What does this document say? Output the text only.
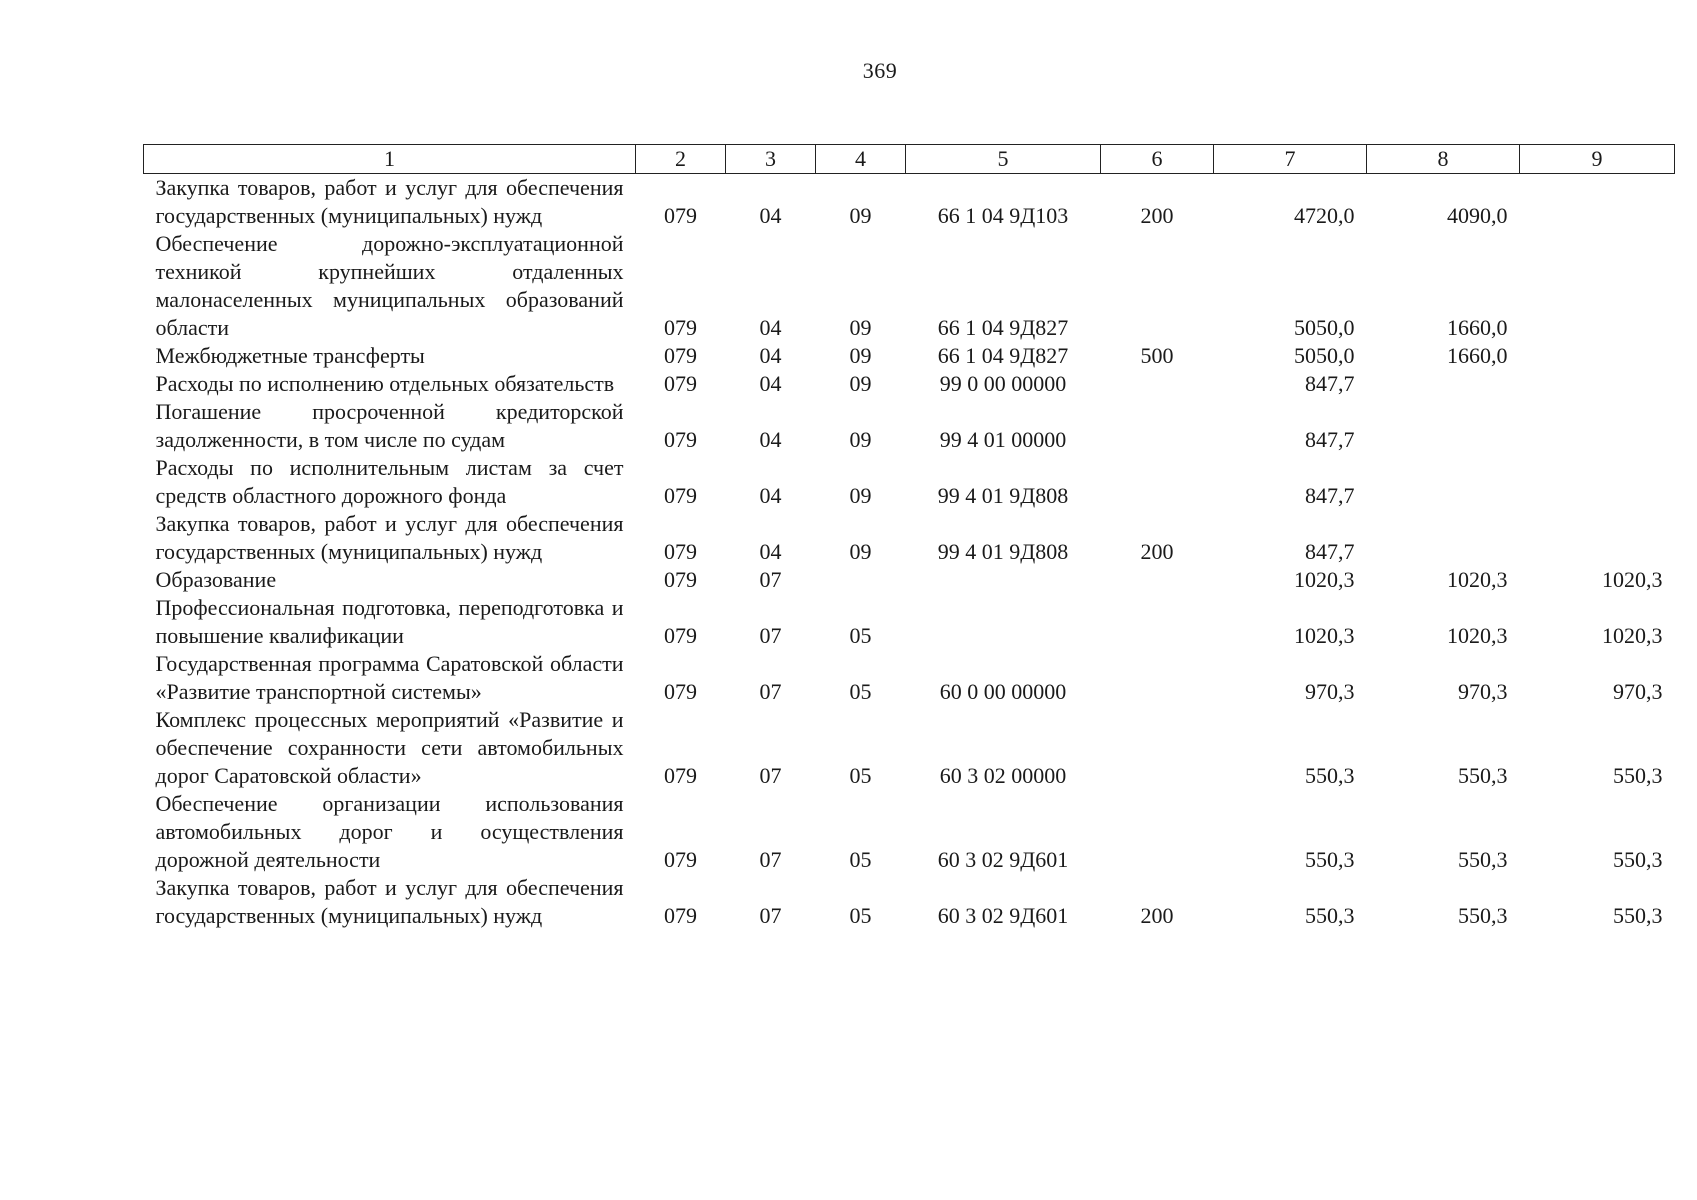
369
1	2	3	4	5	6	7	8	9

Закупка товаров, работ и услуг для обеспечения государственных (муниципальных) нужд	079	04	09	66 1 04 9Д103	200	4720,0	4090,0	

Обеспечение дорожно-эксплуатационной техникой крупнейших отдаленных малонаселенных муниципальных образований области	079	04	09	66 1 04 9Д827		5050,0	1660,0	

Межбюджетные трансферты	079	04	09	66 1 04 9Д827	500	5050,0	1660,0	

Расходы по исполнению отдельных обязательств	079	04	09	99 0 00 00000		847,7		

Погашение просроченной кредиторской задолженности, в том числе по судам	079	04	09	99 4 01 00000		847,7		

Расходы по исполнительным листам за счет средств областного дорожного фонда	079	04	09	99 4 01 9Д808		847,7		

Закупка товаров, работ и услуг для обеспечения государственных (муниципальных) нужд	079	04	09	99 4 01 9Д808	200	847,7		

Образование	079	07				1020,3	1020,3	1020,3

Профессиональная подготовка, переподготовка и повышение квалификации	079	07	05			1020,3	1020,3	1020,3

Государственная программа Саратовской области «Развитие транспортной системы»	079	07	05	60 0 00 00000		970,3	970,3	970,3

Комплекс процессных мероприятий «Развитие и обеспечение сохранности сети автомобильных дорог Саратовской области»	079	07	05	60 3 02 00000		550,3	550,3	550,3

Обеспечение организации использования автомобильных дорог и осуществления дорожной деятельности	079	07	05	60 3 02 9Д601		550,3	550,3	550,3

Закупка товаров, работ и услуг для обеспечения государственных (муниципальных) нужд	079	07	05	60 3 02 9Д601	200	550,3	550,3	550,3
